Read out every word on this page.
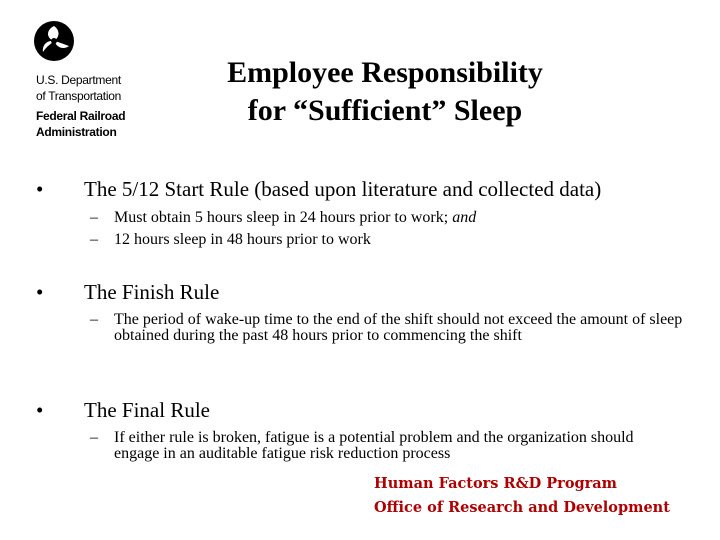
U.S. Department
of Transportation
Federal Railroad
Administration
Employee Responsibility
for “Sufficient” Sleep
• The 5/12 Start Rule (based upon literature and collected data)
– Must obtain 5 hours sleep in 24 hours prior to work; and
– 12 hours sleep in 48 hours prior to work
• The Finish Rule
– The period of wake-up time to the end of the shift should not exceed the amount of sleep obtained during the past 48 hours prior to commencing the shift
• The Final Rule
– If either rule is broken, fatigue is a potential problem and the organization should engage in an auditable fatigue risk reduction process
Human Factors R&D Program
Office of Research and Development
